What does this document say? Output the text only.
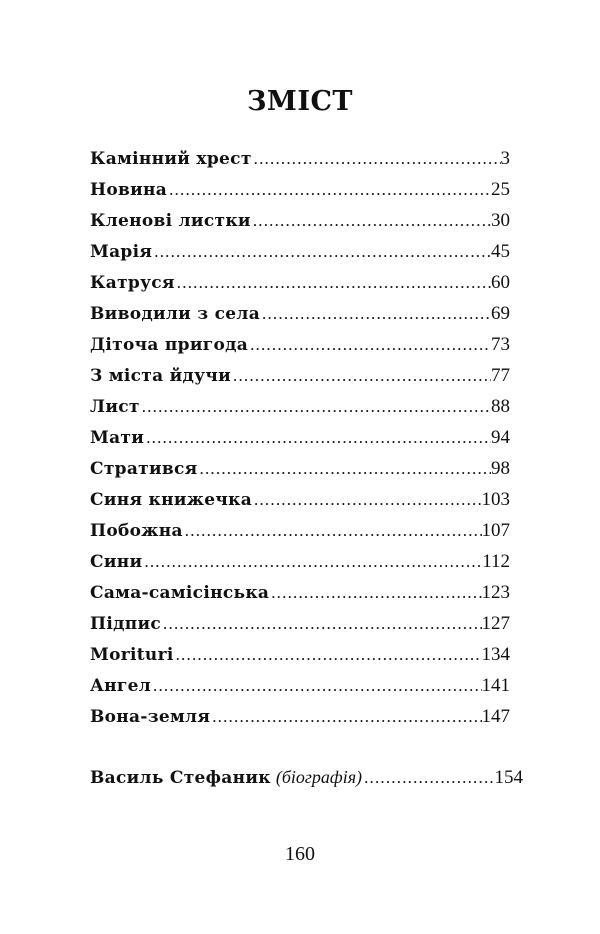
ЗМІСТ
Камінний хрест .....	3
Новина .....	25
Кленові листки .....	30
Марія .....	45
Катруся .....	60
Виводили з села .....	69
Діточа пригода .....	73
З міста йдучи .....	77
Лист .....	88
Мати .....	94
Стратився .....	98
Синя книжечка .....	103
Побожна .....	107
Сини .....	112
Сама-самісінська .....	123
Підпис .....	127
Moriturі .....	134
Ангел .....	141
Вона-земля .....	147
Василь Стефаник (біографія) .....	154
160
